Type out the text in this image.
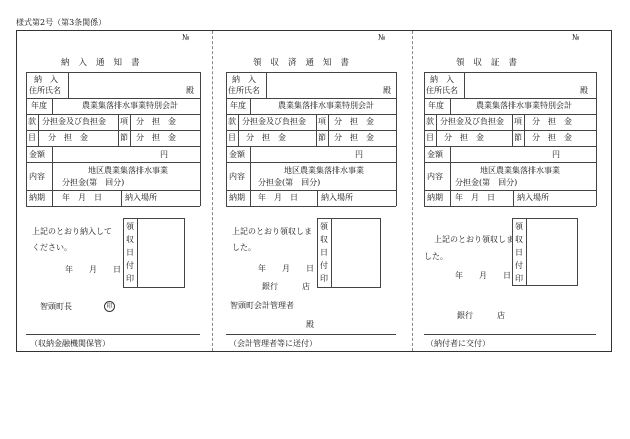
様式第2号（第3条関係）
№
納入通知書
納　入
住所氏名	殿
年度	農業集落排水事業特別会計
款 分担金及び負担金 項 分　担　金
目 分　担　金	節 分　担　金
金額	円
内容
地区農業集落排水事業
分担金(第　回分)
納期 年　月　日	納入場所
上記のとおり納入して
ください。
年　　月　　日
領
収
日
付
印
智頭町長	印
（収納金融機関保管）
№
領収済通知書
納　入
住所氏名	殿
年度	農業集落排水事業特別会計
款 分担金及び負担金 項 分　担　金
目 分　担　金	節 分　担　金
金額	円
内容
地区農業集落排水事業
分担金(第　回分)
納期 年　月　日	納入場所
上記のとおり領収しま
した。
年　　月　　日
銀行　　　店
領
収
日
付
印
智頭町会計管理者
殿
（会計管理者等に送付）
№
領収証書
納　入
住所氏名	殿
年度	農業集落排水事業特別会計
款 分担金及び負担金 項 分　担　金
目 分　担　金	節 分　担　金
金額	円
内容
地区農業集落排水事業
分担金(第　回分)
納期 年　月　日	納入場所
上記のとおり領収しま
した。
年　　月　　日
銀行　　　店
領
収
日
付
印
（納付者に交付）
